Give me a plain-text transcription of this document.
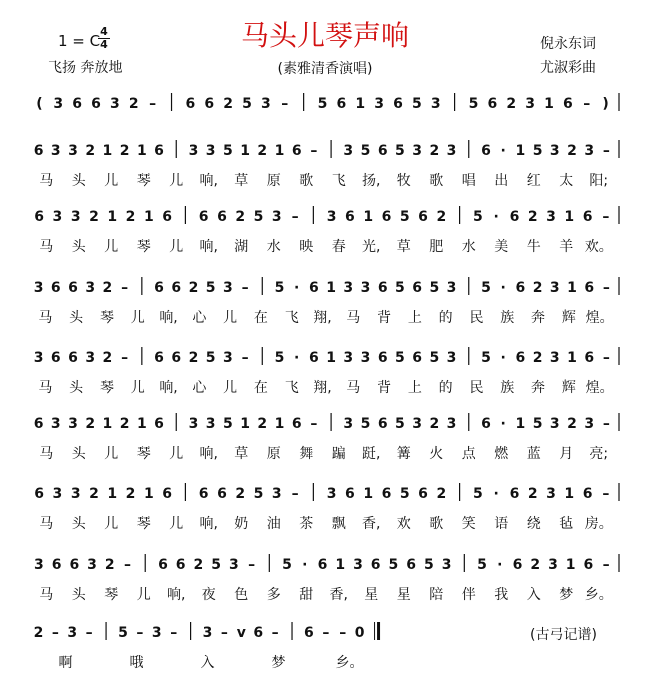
1 = C
4
4
飞扬 奔放地
马头儿琴声响
(素雅清香演唱)
倪永东词
尤淑彩曲
(古弓记谱)
( 3 6 6 3 2 – 6 6 2 5 3 – 5 6 1 3 6 5 3 5 6 2 3 1 6 – )
6 3 3 2 1 2 1 6 3 3 5 1 2 1 6 – 3 5 6 5 3 2 3 6 · 1 5 3 2 3 –
马 头 儿 琴 儿 响, 草 原 歌 飞 扬, 牧 歌 唱 出 红 太 阳;
6 3 3 2 1 2 1 6 6 6 2 5 3 – 3 6 1 6 5 6 2 5 · 6 2 3 1 6 –
马 头 儿 琴 儿 响, 湖 水 映 春 光, 草 肥 水 美 牛 羊 欢。
3 6 6 3 2 – 6 6 2 5 3 – 5 · 6 1 3 3 6 5 6 5 3 5 · 6 2 3 1 6 –
马 头 琴 儿 响, 心 儿 在 飞 翔, 马 背 上 的 民 族 奔 辉 煌。
3 6 6 3 2 – 6 6 2 5 3 – 5 · 6 1 3 3 6 5 6 5 3 5 · 6 2 3 1 6 –
马 头 琴 儿 响, 心 儿 在 飞 翔, 马 背 上 的 民 族 奔 辉 煌。
6 3 3 2 1 2 1 6 3 3 5 1 2 1 6 – 3 5 6 5 3 2 3 6 · 1 5 3 2 3 –
马 头 儿 琴 儿 响, 草 原 舞 蹁 跹, 篝 火 点 燃 蓝 月 亮;
6 3 3 2 1 2 1 6 6 6 2 5 3 – 3 6 1 6 5 6 2 5 · 6 2 3 1 6 –
马 头 儿 琴 儿 响, 奶 油 茶 飘 香, 欢 歌 笑 语 绕 毡 房。
3 6 6 3 2 – 6 6 2 5 3 – 5 · 6 1 3 6 5 6 5 3 5 · 6 2 3 1 6 –
马 头 琴 儿 响, 夜 色 多 甜 香, 星 星 陪 伴 我 入 梦 乡。
2 – 3 – 5 – 3 – 3 – v 6 – 6 – – 0
啊	哦	入	梦	乡。
